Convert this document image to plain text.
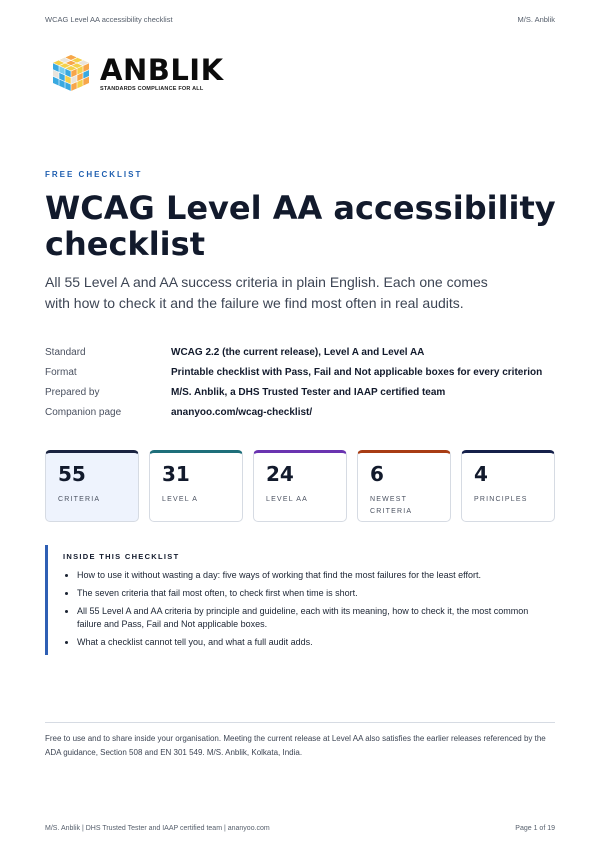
WCAG Level AA accessibility checklist	M/S. Anblik
ANBLIK
STANDARDS COMPLIANCE FOR ALL
FREE CHECKLIST
WCAG Level AA accessibility checklist

All 55 Level A and AA success criteria in plain English. Each one comes with how to check it and the failure we find most often in real audits.

Standard	WCAG 2.2 (the current release), Level A and Level AA
Format	Printable checklist with Pass, Fail and Not applicable boxes for every criterion
Prepared by	M/S. Anblik, a DHS Trusted Tester and IAAP certified team
Companion page	ananyoo.com/wcag-checklist/
55
CRITERIA
31
LEVEL A
24
LEVEL AA
6
NEWEST CRITERIA
4
PRINCIPLES
INSIDE THIS CHECKLIST
• How to use it without wasting a day: five ways of working that find the most failures for the least effort.
• The seven criteria that fail most often, to check first when time is short.
• All 55 Level A and AA criteria by principle and guideline, each with its meaning, how to check it, the most common failure and Pass, Fail and Not applicable boxes.
• What a checklist cannot tell you, and what a full audit adds.

Free to use and to share inside your organisation. Meeting the current release at Level AA also satisfies the earlier releases referenced by the ADA guidance, Section 508 and EN 301 549. M/S. Anblik, Kolkata, India.

M/S. Anblik | DHS Trusted Tester and IAAP certified team | ananyoo.com	Page 1 of 19
